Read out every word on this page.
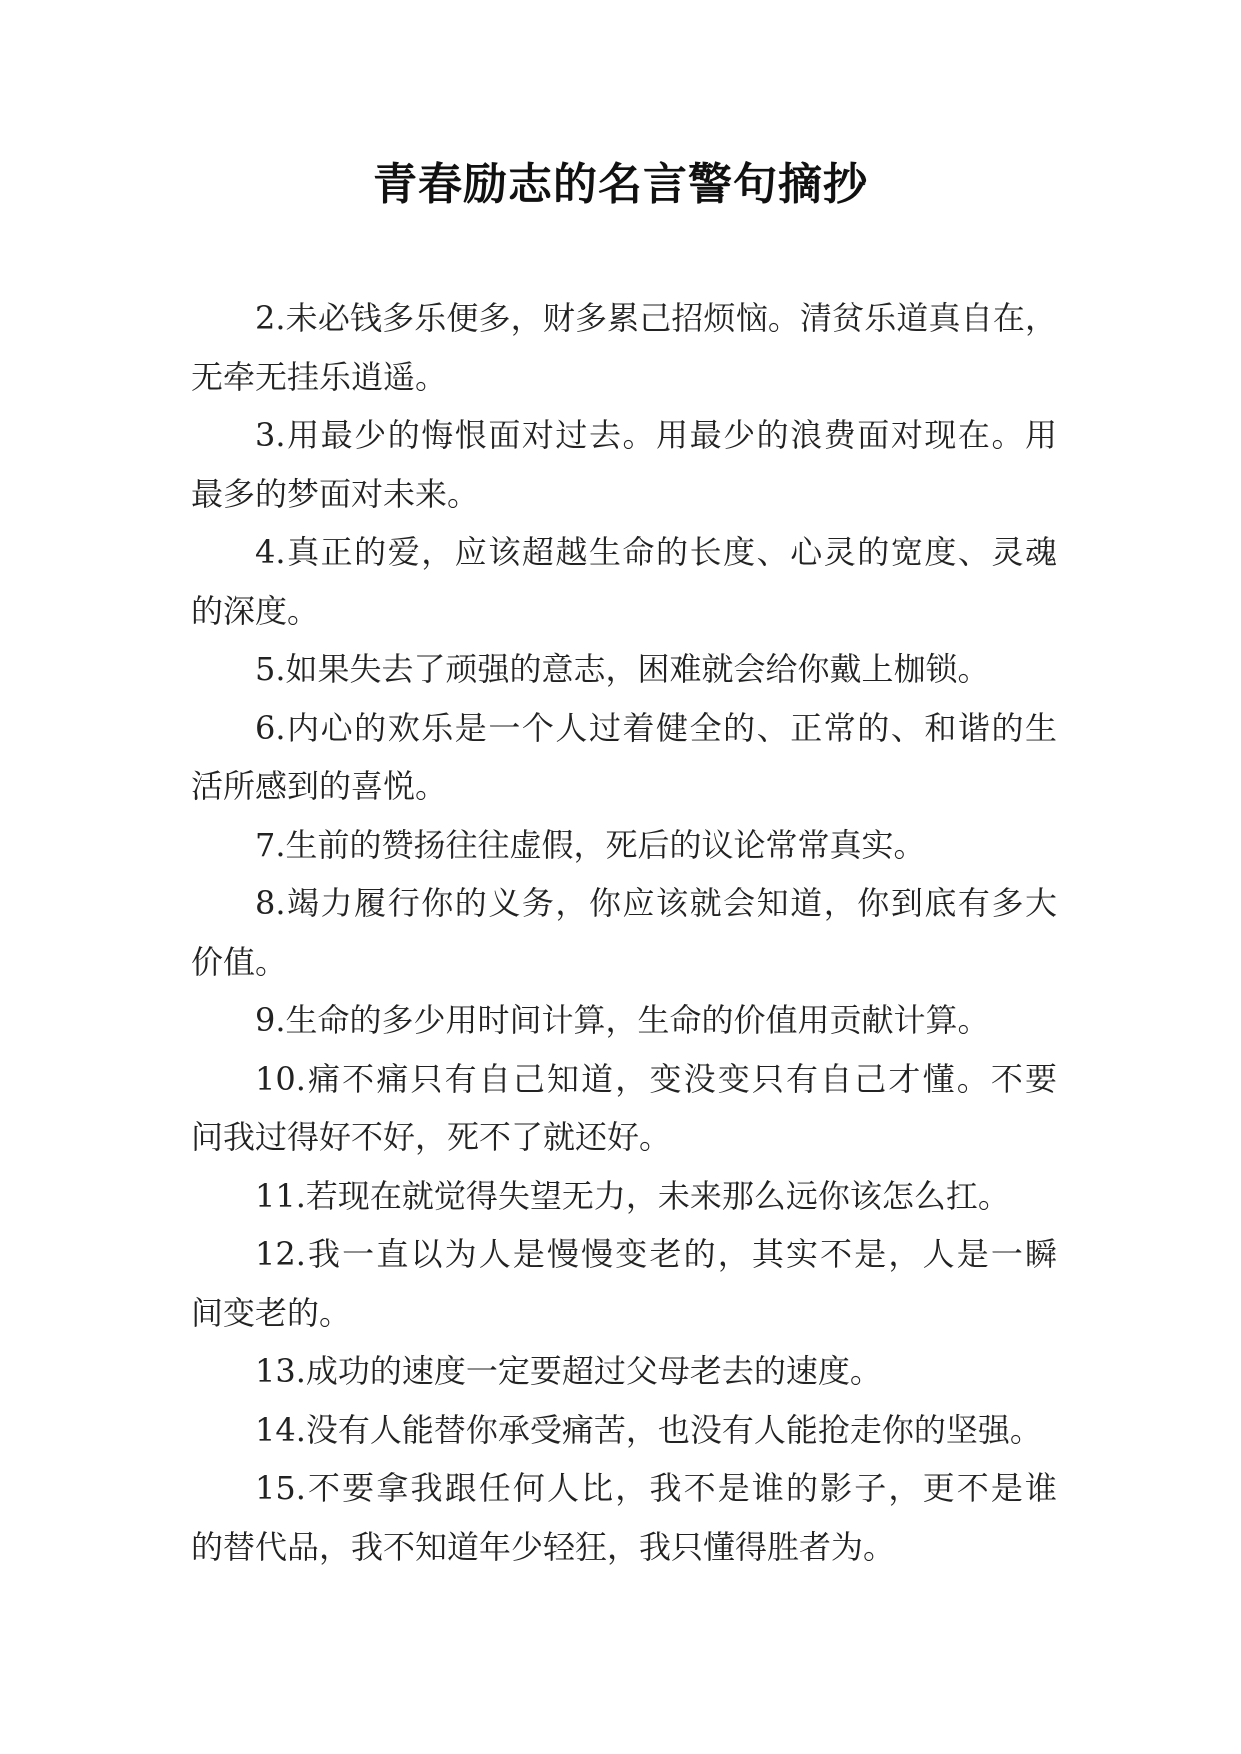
青春励志的名言警句摘抄
2.未必钱多乐便多，财多累己招烦恼。清贫乐道真自在，
无牵无挂乐逍遥。
3.用最少的悔恨面对过去。用最少的浪费面对现在。用
最多的梦面对未来。
4.真正的爱，应该超越生命的长度、心灵的宽度、灵魂
的深度。
5.如果失去了顽强的意志，困难就会给你戴上枷锁。
6.内心的欢乐是一个人过着健全的、正常的、和谐的生
活所感到的喜悦。
7.生前的赞扬往往虚假，死后的议论常常真实。
8.竭力履行你的义务，你应该就会知道，你到底有多大
价值。
9.生命的多少用时间计算，生命的价值用贡献计算。
10.痛不痛只有自己知道，变没变只有自己才懂。不要
问我过得好不好，死不了就还好。
11.若现在就觉得失望无力，未来那么远你该怎么扛。
12.我一直以为人是慢慢变老的，其实不是，人是一瞬
间变老的。
13.成功的速度一定要超过父母老去的速度。
14.没有人能替你承受痛苦，也没有人能抢走你的坚强。
15.不要拿我跟任何人比，我不是谁的影子，更不是谁
的替代品，我不知道年少轻狂，我只懂得胜者为。
